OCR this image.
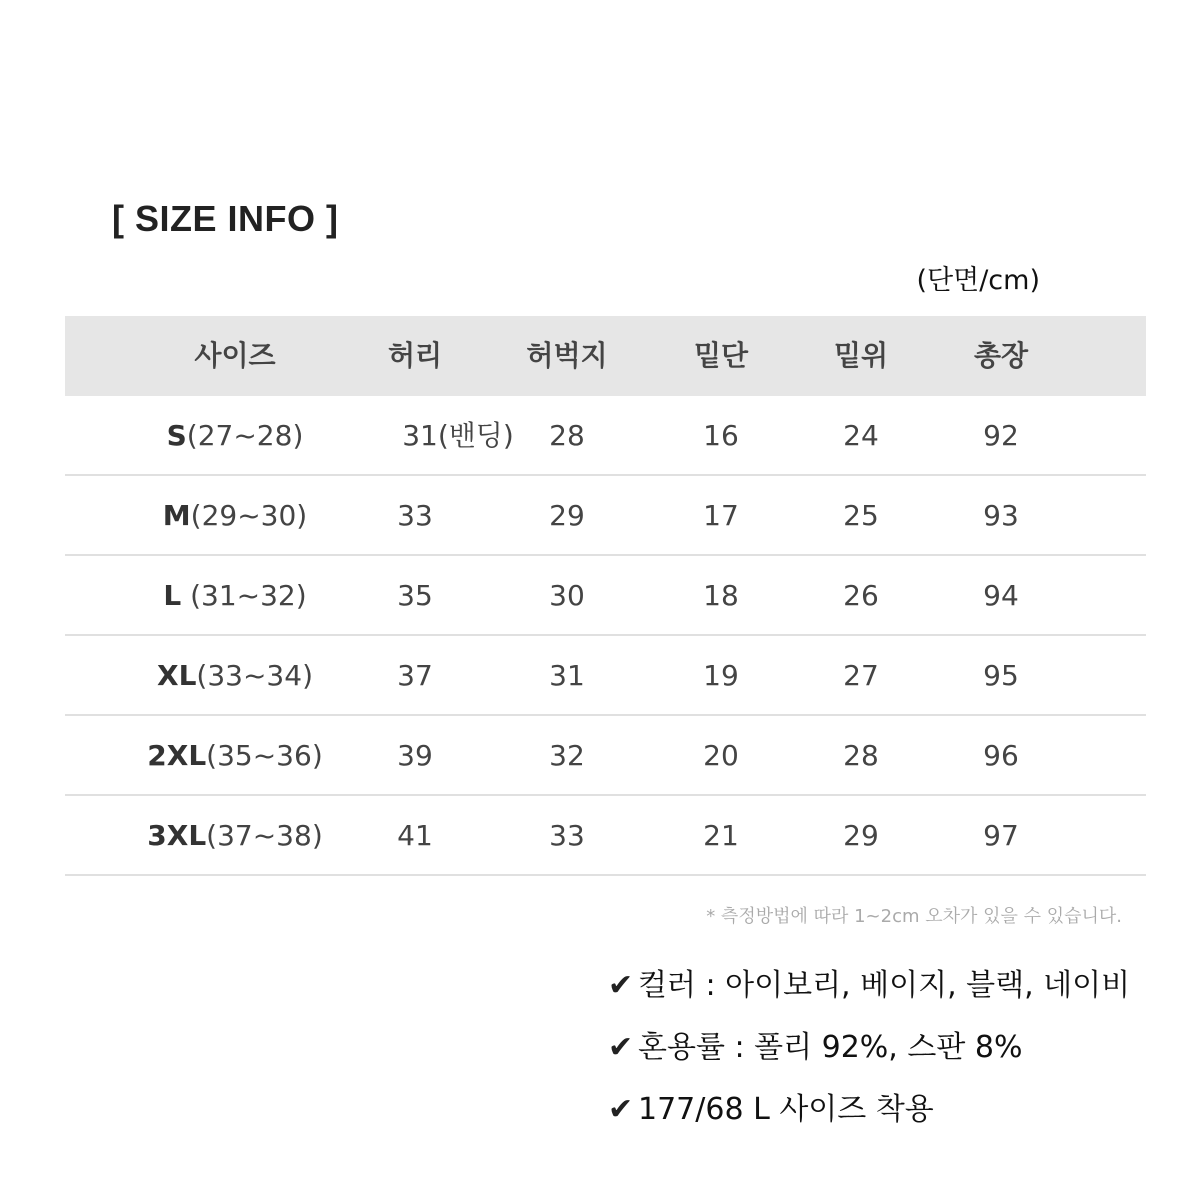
[ SIZE INFO ]
(단면/cm)
사이즈	허리	허벅지	밑단	밑위	총장
S(27~28)	31(밴딩)	28	16	24	92
M(29~30)	33	29	17	25	93
L (31~32)	35	30	18	26	94
XL(33~34)	37	31	19	27	95
2XL(35~36)	39	32	20	28	96
3XL(37~38)	41	33	21	29	97
* 측정방법에 따라 1~2cm 오차가 있을 수 있습니다.
✔ 컬러 : 아이보리, 베이지, 블랙, 네이비
✔ 혼용률 : 폴리 92%, 스판 8%
✔ 177/68 L 사이즈 착용
